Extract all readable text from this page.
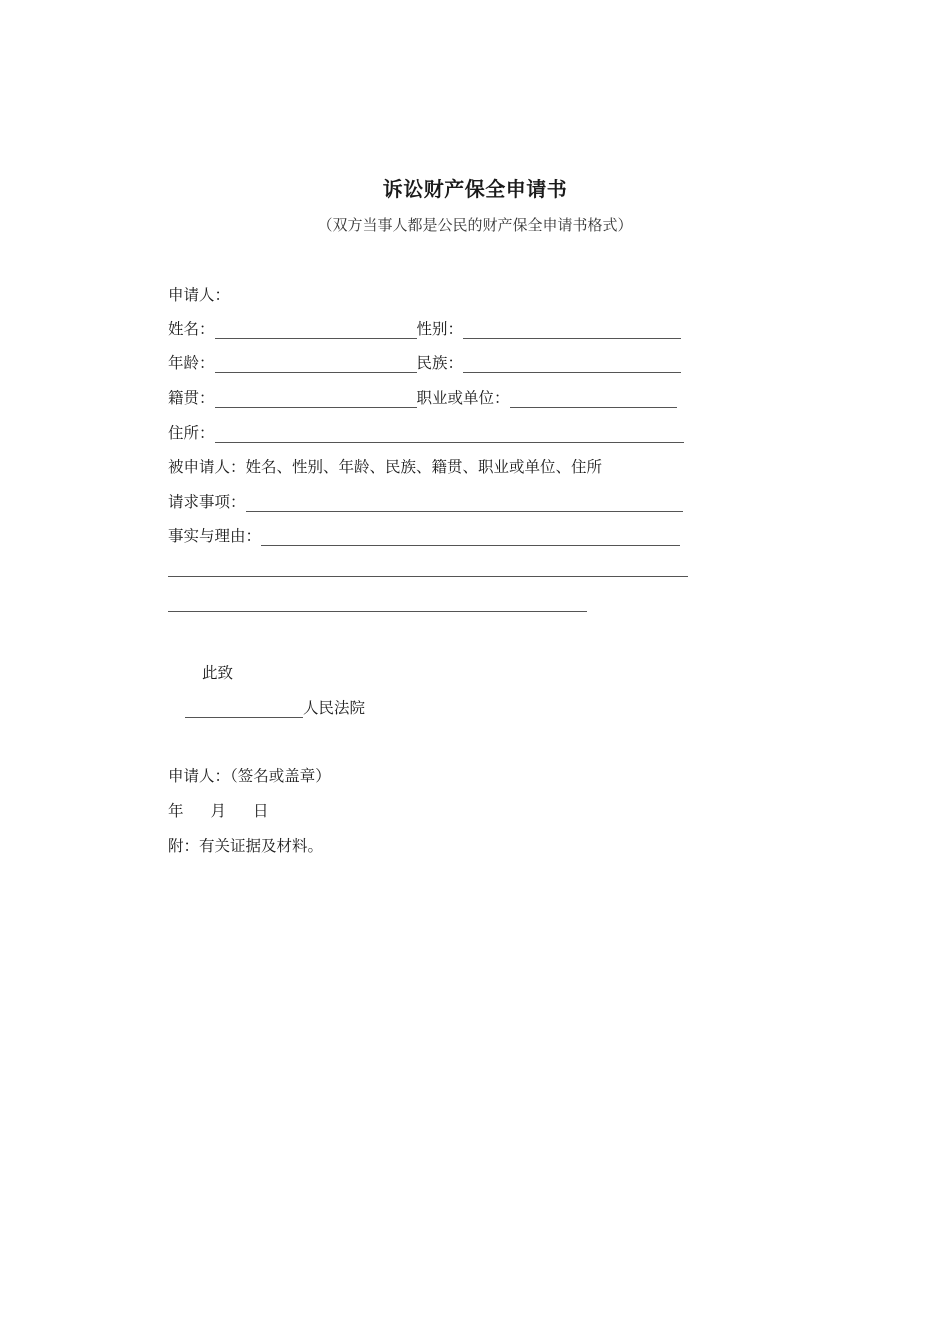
诉讼财产保全申请书
（双方当事人都是公民的财产保全申请书格式）
申请人：
姓名：	性别：
年龄：	民族：
籍贯：	职业或单位：
住所：
被申请人：姓名、性别、年龄、民族、籍贯、职业或单位、住所
请求事项：
事实与理由：
此致
人民法院
申请人：（签名或盖章）
年 月 日
附：有关证据及材料。
